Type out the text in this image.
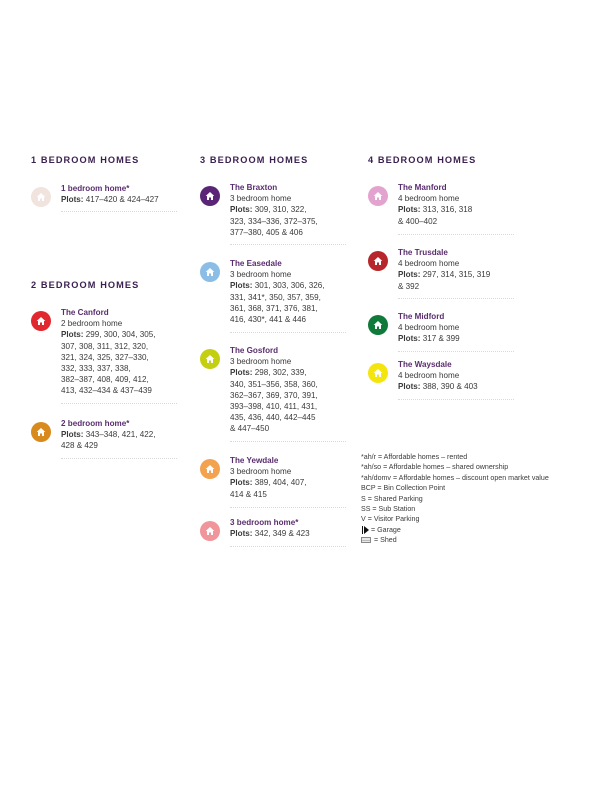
1 BEDROOM HOMES
1 bedroom home*
Plots: 417–420 & 424–427
2 BEDROOM HOMES
The Canford
2 bedroom home
Plots: 299, 300, 304, 305,
307, 308, 311, 312, 320,
321, 324, 325, 327–330,
332, 333, 337, 338,
382–387, 408, 409, 412,
413, 432–434 & 437–439
2 bedroom home*
Plots: 343–348, 421, 422,
428 & 429
3 BEDROOM HOMES
The Braxton
3 bedroom home
Plots: 309, 310, 322,
323, 334–336, 372–375,
377–380, 405 & 406
The Easedale
3 bedroom home
Plots: 301, 303, 306, 326,
331, 341*, 350, 357, 359,
361, 368, 371, 376, 381,
416, 430*, 441 & 446
The Gosford
3 bedroom home
Plots: 298, 302, 339,
340, 351–356, 358, 360,
362–367, 369, 370, 391,
393–398, 410, 411, 431,
435, 436, 440, 442–445
& 447–450
The Yewdale
3 bedroom home
Plots: 389, 404, 407,
414 & 415
3 bedroom home*
Plots: 342, 349 & 423
4 BEDROOM HOMES
The Manford
4 bedroom home
Plots: 313, 316, 318
& 400–402
The Trusdale
4 bedroom home
Plots: 297, 314, 315, 319
& 392
The Midford
4 bedroom home
Plots: 317 & 399
The Waysdale
4 bedroom home
Plots: 388, 390 & 403
*ah/r = Affordable homes – rented
*ah/so = Affordable homes – shared ownership
*ah/domv = Affordable homes – discount open market value
BCP = Bin Collection Point
S = Shared Parking
SS = Sub Station
V = Visitor Parking
= Garage
= Shed
